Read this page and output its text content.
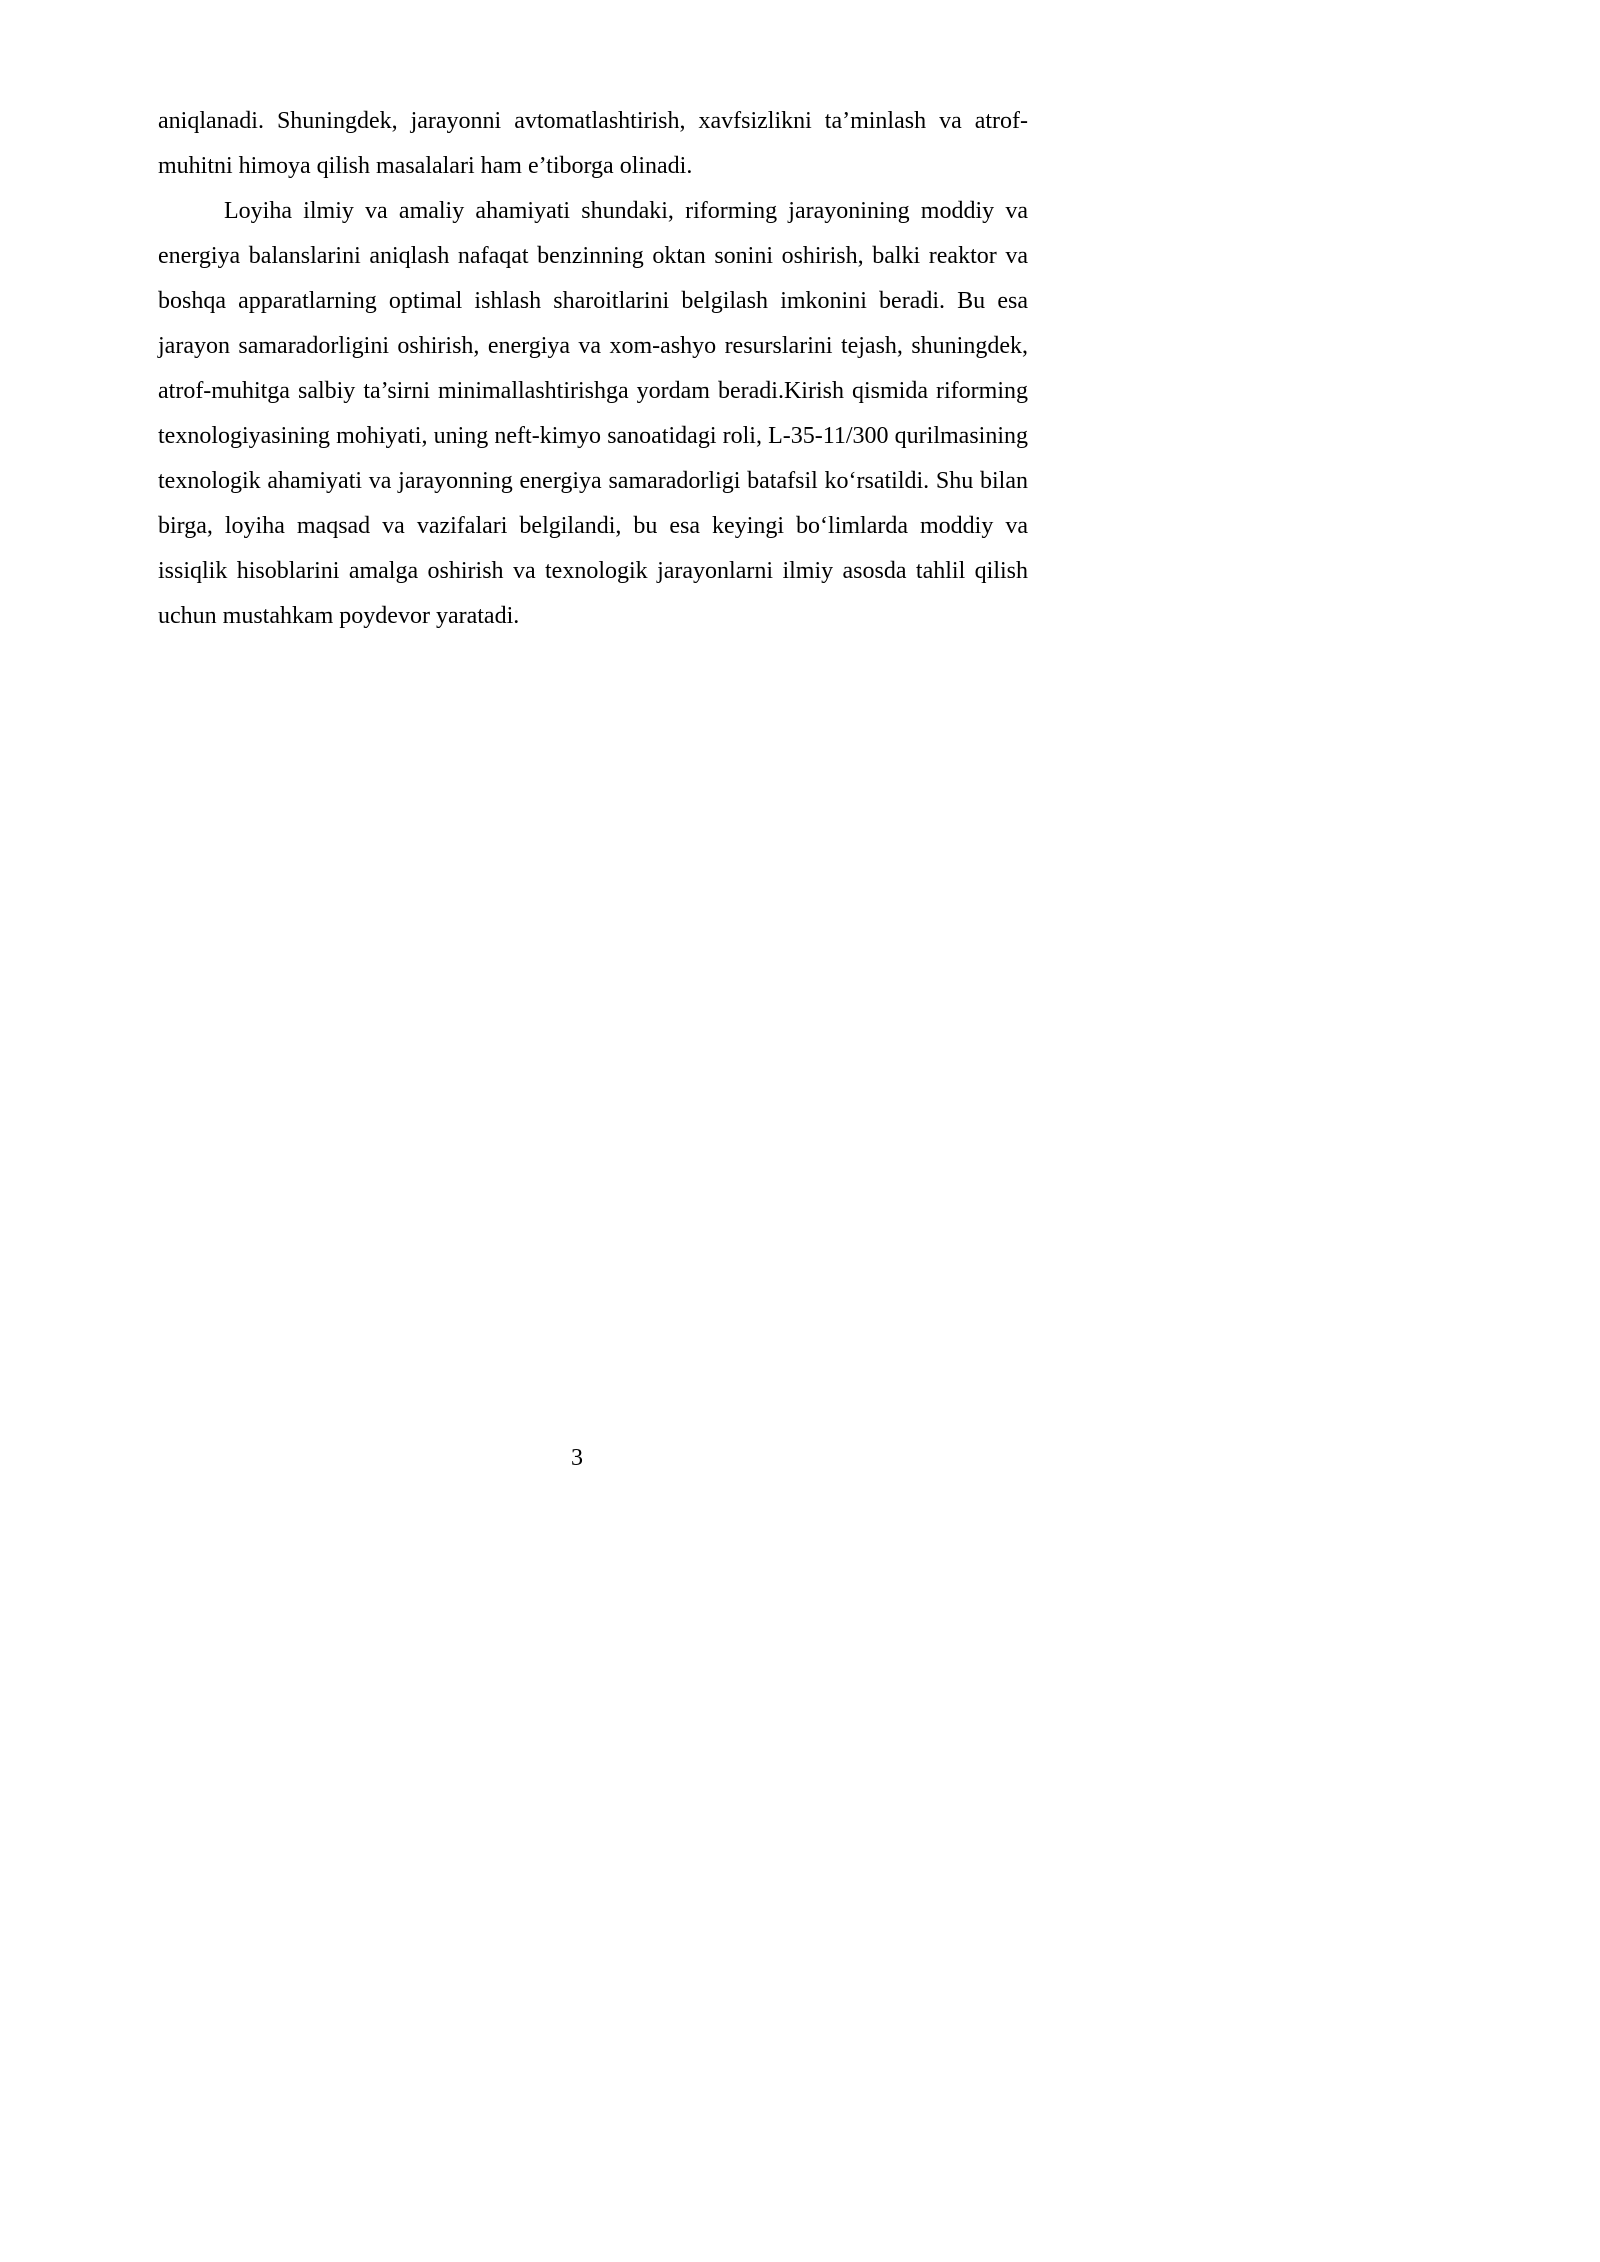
aniqlanadi. Shuningdek, jarayonni avtomatlashtirish, xavfsizlikni ta’minlash va atrof-muhitni himoya qilish masalalari ham e’tiborga olinadi.

Loyiha ilmiy va amaliy ahamiyati shundaki, riforming jarayonining moddiy va energiya balanslarini aniqlash nafaqat benzinning oktan sonini oshirish, balki reaktor va boshqa apparatlarning optimal ishlash sharoitlarini belgilash imkonini beradi. Bu esa jarayon samaradorligini oshirish, energiya va xom-ashyo resurslarini tejash, shuningdek, atrof-muhitga salbiy ta’sirni minimallashtirishga yordam beradi.Kirish qismida riforming texnologiyasining mohiyati, uning neft-kimyo sanoatidagi roli, L-35-11/300 qurilmasining texnologik ahamiyati va jarayonning energiya samaradorligi batafsil ko‘rsatildi. Shu bilan birga, loyiha maqsad va vazifalari belgilandi, bu esa keyingi bo‘limlarda moddiy va issiqlik hisoblarini amalga oshirish va texnologik jarayonlarni ilmiy asosda tahlil qilish uchun mustahkam poydevor yaratadi.

3
